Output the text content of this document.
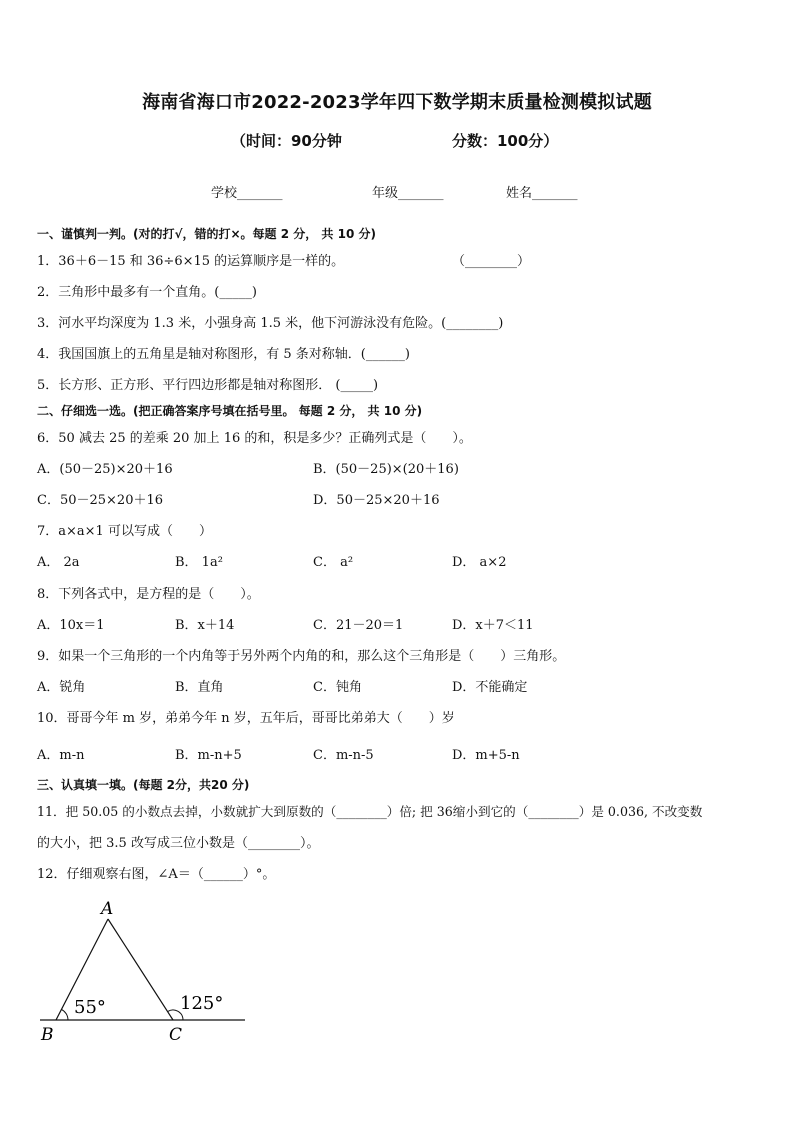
海南省海口市2022-2023学年四下数学期末质量检测模拟试题
（时间：90分钟	分数：100分）
学校_______	年级_______	姓名_______
一、谨慎判一判。(对的打√，错的打×。每题 2 分， 共 10 分)
1．36＋6－15 和 36÷6×15 的运算顺序是一样的。	（________）
2．三角形中最多有一个直角。(_____)
3．河水平均深度为 1.3 米，小强身高 1.5 米，他下河游泳没有危险。(________)
4．我国国旗上的五角星是轴对称图形，有 5 条对称轴．(______)
5．长方形、正方形、平行四边形都是轴对称图形． (_____)
二、仔细选一选。(把正确答案序号填在括号里。 每题 2 分， 共 10 分)
6．50 减去 25 的差乘 20 加上 16 的和，积是多少？正确列式是（　　）。
A．(50－25)×20＋16	B．(50－25)×(20＋16)
C．50－25×20＋16	D．50－25×20＋16
7．a×a×1 可以写成（　　）
A． 2a	B． 1a²	C． a²	D． a×2
8．下列各式中，是方程的是（　　）。
A．10x＝1	B．x＋14	C．21－20＝1	D．x＋7＜11
9．如果一个三角形的一个内角等于另外两个内角的和，那么这个三角形是（　　）三角形。
A．锐角	B．直角	C．钝角	D．不能确定
10．哥哥今年 m 岁，弟弟今年 n 岁，五年后，哥哥比弟弟大（　　）岁
A．m-n	B．m-n+5	C．m-n-5	D．m+5-n
三、认真填一填。(每题 2分，共20 分)
11．把 50.05 的小数点去掉，小数就扩大到原数的（________）倍; 把 36缩小到它的（________）是 0.036, 不改变数
的大小，把 3.5 改写成三位小数是（________）。
12．仔细观察右图，∠A＝（______）°。
A
B	C
55°	125°
